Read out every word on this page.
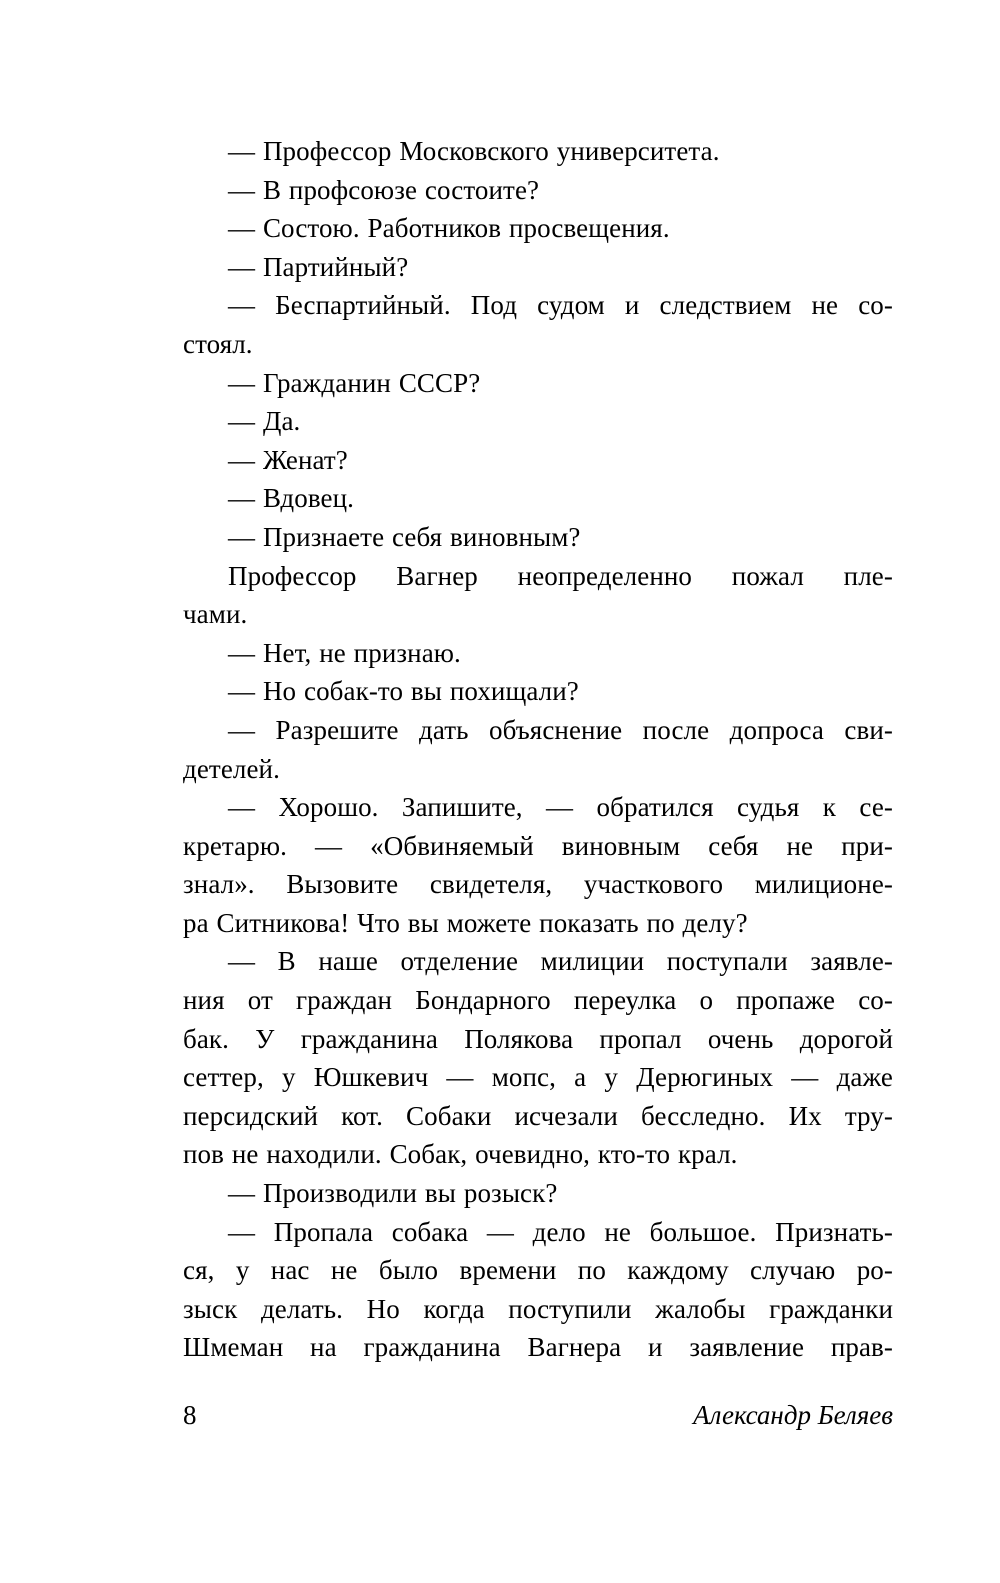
— Профессор Московского университета.
— В профсоюзе состоите?
— Состою. Работников просвещения.
— Партийный?
— Беспартийный. Под судом и следствием не со-
стоял.
— Гражданин СССР?
— Да.
— Женат?
— Вдовец.
— Признаете себя виновным?
Профессор Вагнер неопределенно пожал пле-
чами.
— Нет, не признаю.
— Но собак-то вы похищали?
— Разрешите дать объяснение после допроса сви-
детелей.
— Хорошо. Запишите, — обратился судья к се-
кретарю. — «Обвиняемый виновным себя не при-
знал». Вызовите свидетеля, участкового милиционе-
ра Ситникова! Что вы можете показать по делу?
— В наше отделение милиции поступали заявле-
ния от граждан Бондарного переулка о пропаже со-
бак. У гражданина Полякова пропал очень дорогой
сеттер, у Юшкевич — мопс, а у Дерюгиных — даже
персидский кот. Собаки исчезали бесследно. Их тру-
пов не находили. Собак, очевидно, кто-то крал.
— Производили вы розыск?
— Пропала собака — дело не большое. Признать-
ся, у нас не было времени по каждому случаю ро-
зыск делать. Но когда поступили жалобы гражданки
Шмеман на гражданина Вагнера и заявление прав-
8	Александр Беляев
